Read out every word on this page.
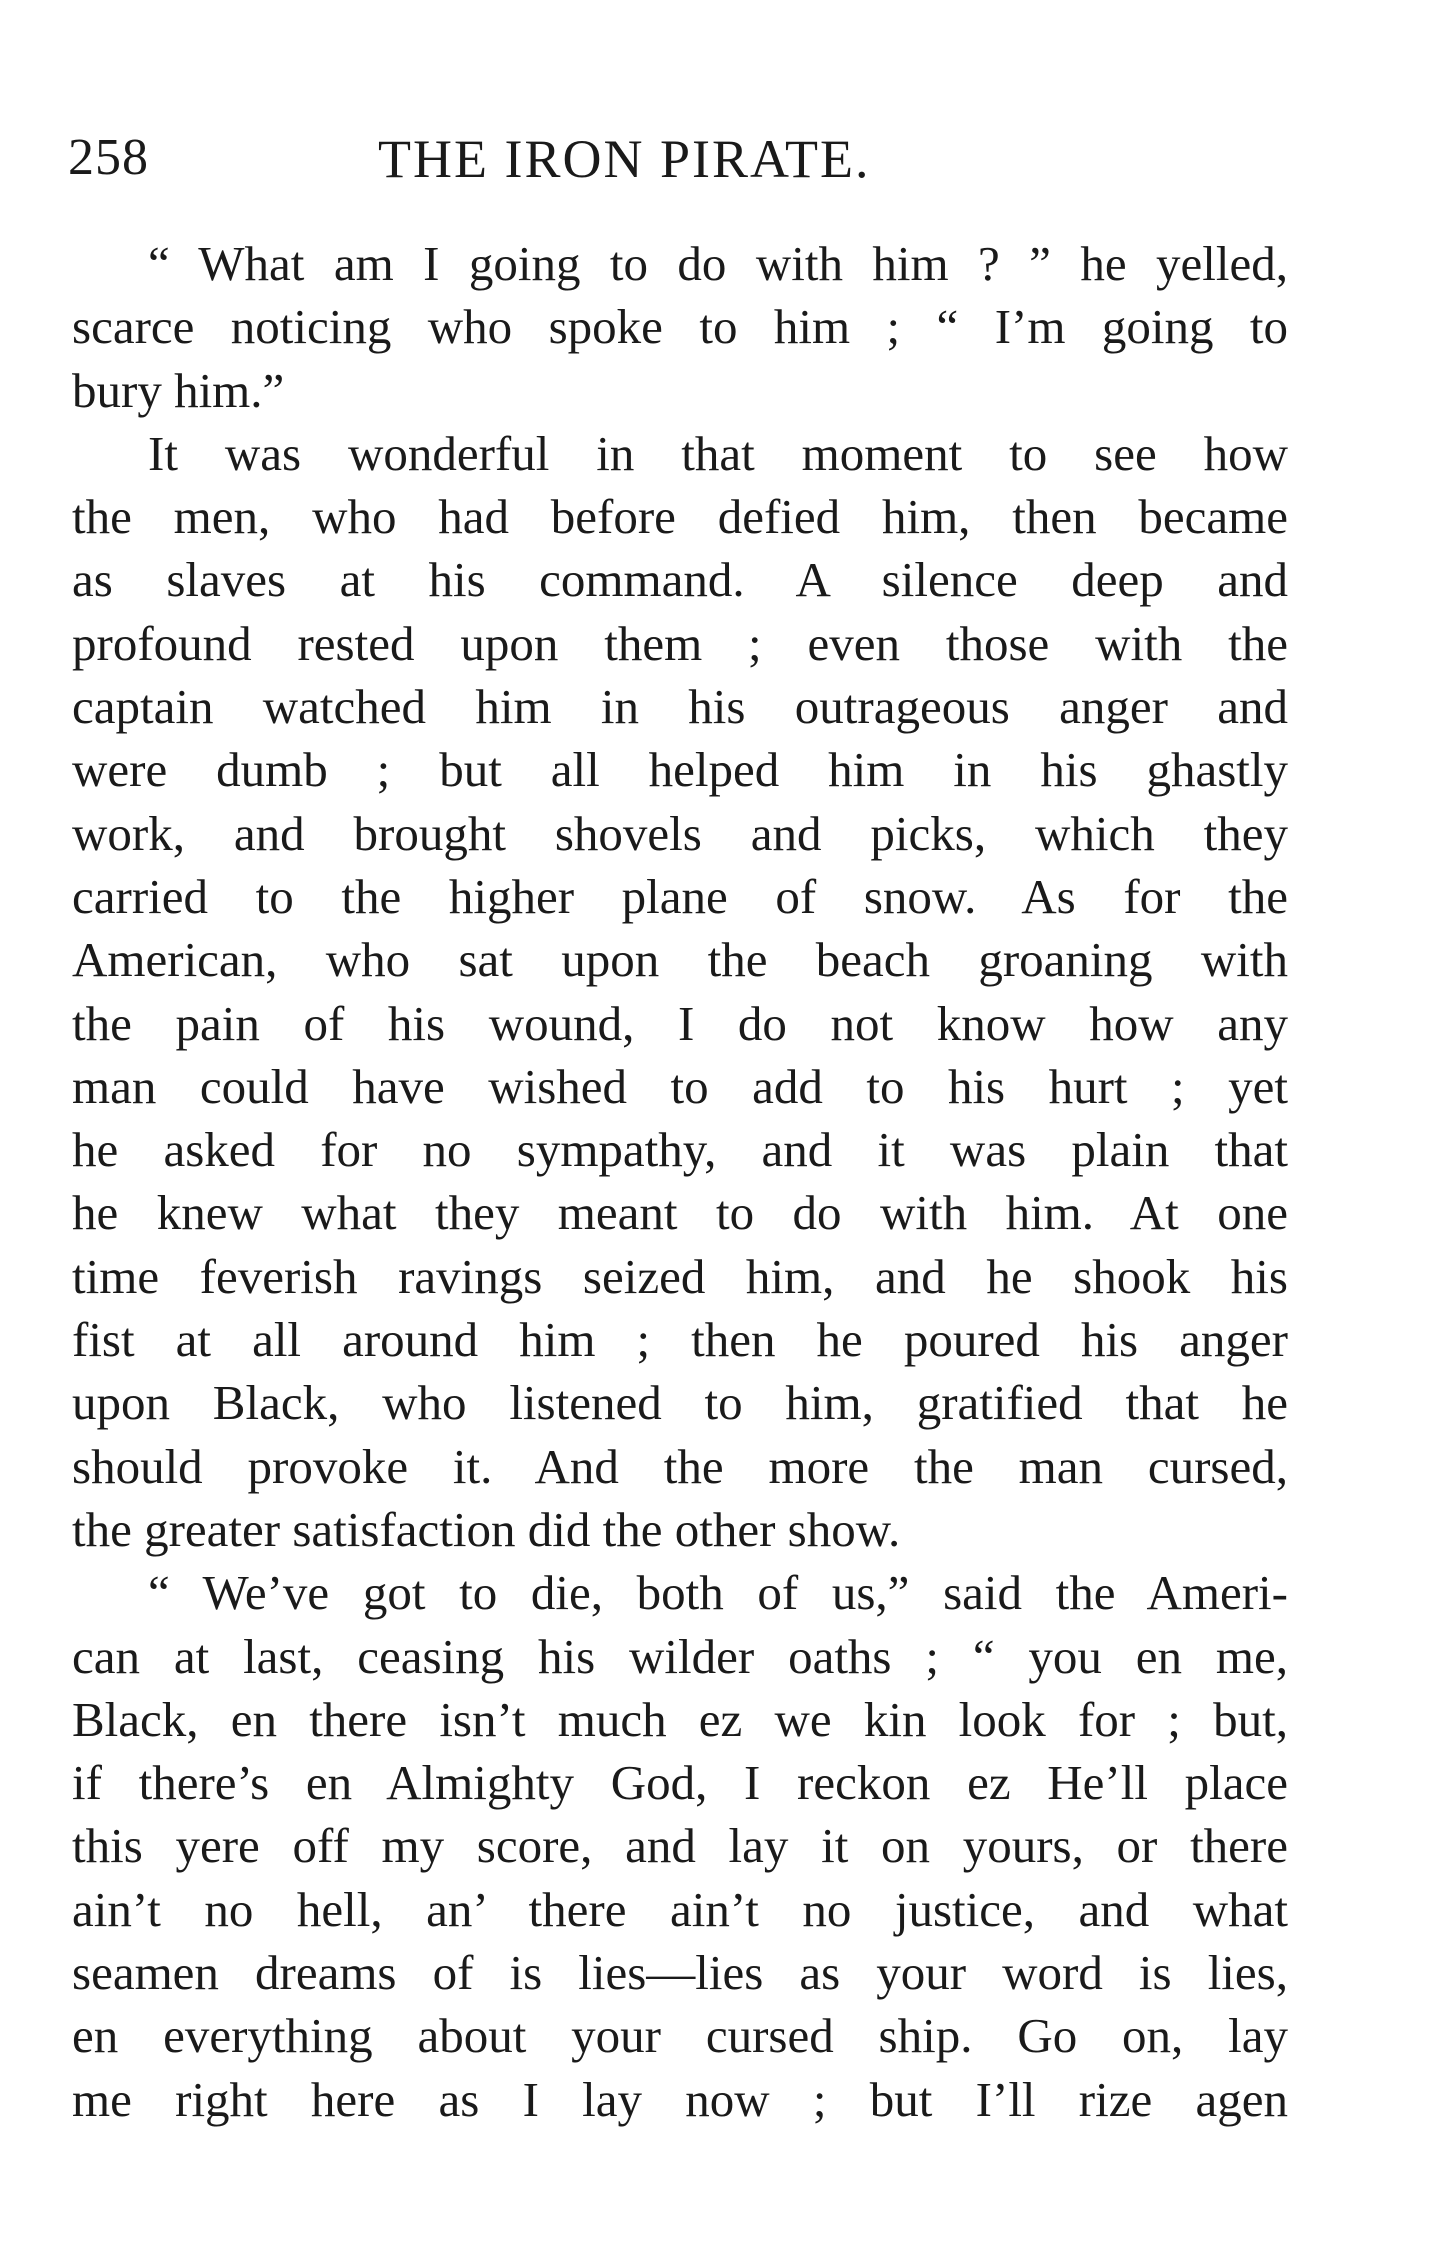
258	THE IRON PIRATE.
“ What am I going to do with him ? ” he yelled,
scarce noticing who spoke to him ; “ I’m going to
bury him.”
It was wonderful in that moment to see how
the men, who had before defied him, then became
as slaves at his command. A silence deep and
profound rested upon them ; even those with the
captain watched him in his outrageous anger and
were dumb ; but all helped him in his ghastly
work, and brought shovels and picks, which they
carried to the higher plane of snow. As for the
American, who sat upon the beach groaning with
the pain of his wound, I do not know how any
man could have wished to add to his hurt ; yet
he asked for no sympathy, and it was plain that
he knew what they meant to do with him. At one
time feverish ravings seized him, and he shook his
fist at all around him ; then he poured his anger
upon Black, who listened to him, gratified that he
should provoke it. And the more the man cursed,
the greater satisfaction did the other show.
“ We’ve got to die, both of us,” said the Ameri-
can at last, ceasing his wilder oaths ; “ you en me,
Black, en there isn’t much ez we kin look for ; but,
if there’s en Almighty God, I reckon ez He’ll place
this yere off my score, and lay it on yours, or there
ain’t no hell, an’ there ain’t no justice, and what
seamen dreams of is lies—lies as your word is lies,
en everything about your cursed ship. Go on, lay
me right here as I lay now ; but I’ll rize agen
